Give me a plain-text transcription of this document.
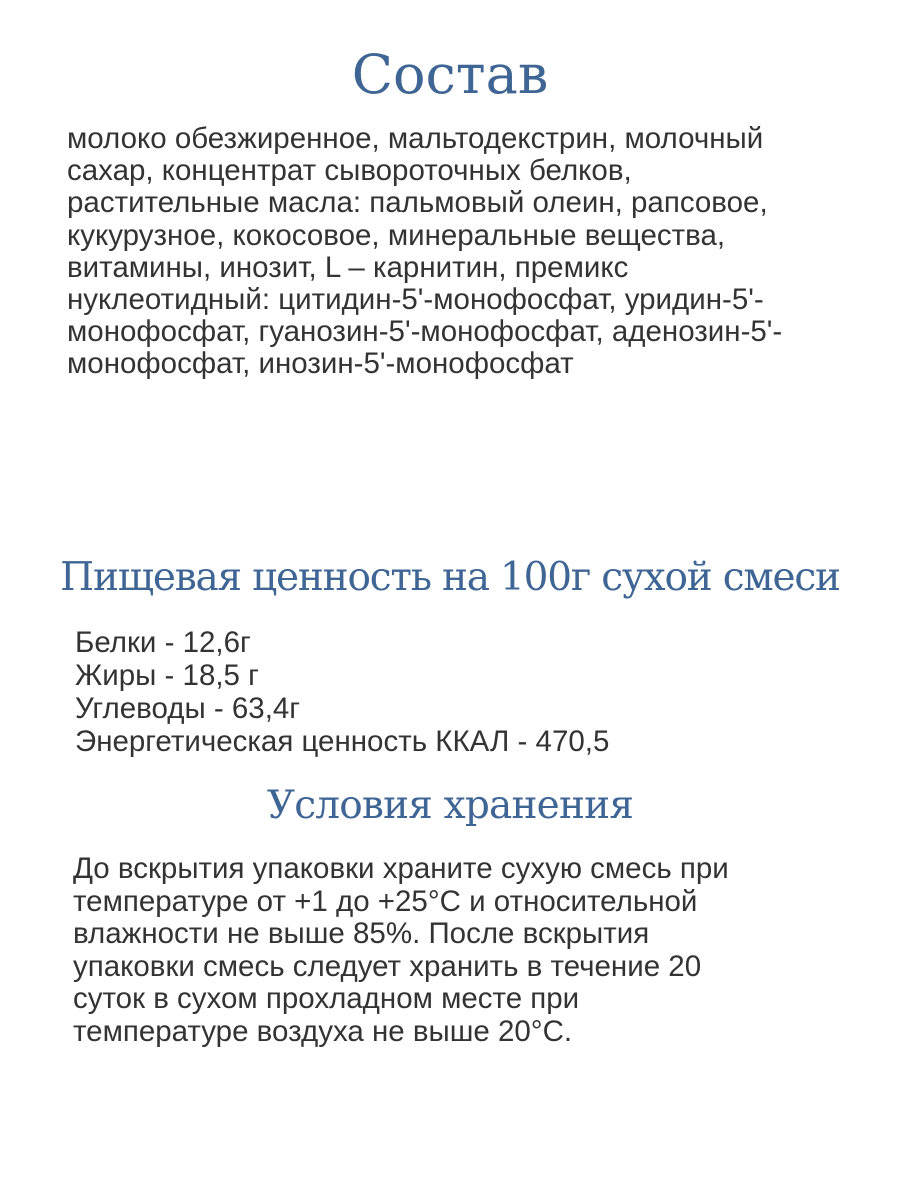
Состав
молоко обезжиренное, мальтодекстрин, молочный
сахар, концентрат сывороточных белков,
растительные масла: пальмовый олеин, рапсовое,
кукурузное, кокосовое, минеральные вещества,
витамины, инозит, L – карнитин, премикс
нуклеотидный: цитидин-5'-монофосфат, уридин-5'-
монофосфат, гуанозин-5'-монофосфат, аденозин-5'-
монофосфат, инозин-5'-монофосфат
Пищевая ценность на 100г сухой смеси
Белки - 12,6г
Жиры - 18,5 г
Углеводы - 63,4г
Энергетическая ценность ККАЛ - 470,5
Условия хранения
До вскрытия упаковки храните сухую смесь при
температуре от +1 до +25°С и относительной
влажности не выше 85%. После вскрытия
упаковки смесь следует хранить в течение 20
суток в сухом прохладном месте при
температуре воздуха не выше 20°С.
